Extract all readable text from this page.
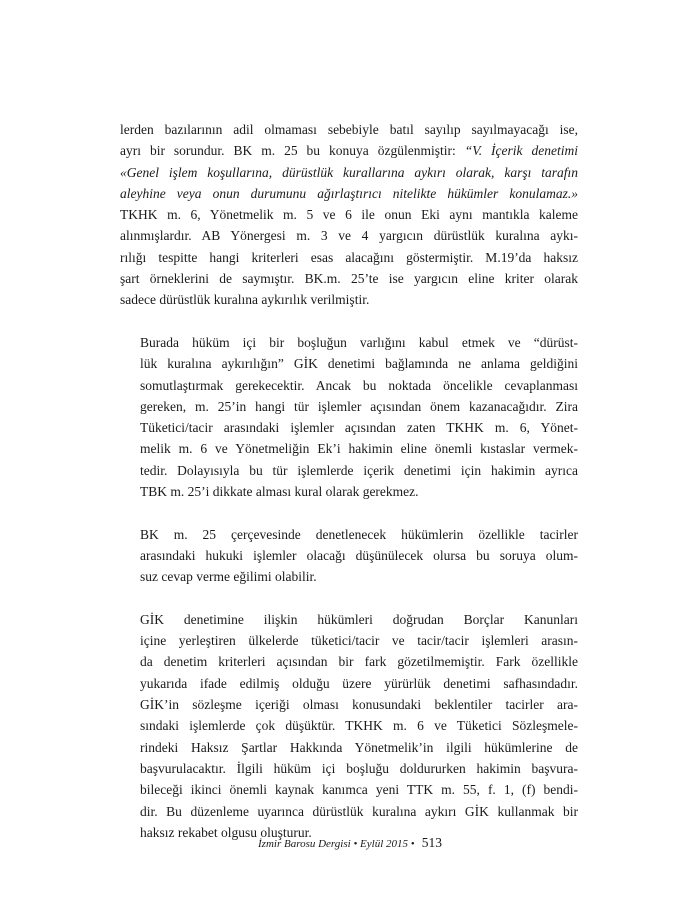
lerden bazılarının adil olmaması sebebiyle batıl sayılıp sayılmayacağı ise,
ayrı bir sorundur. BK m. 25 bu konuya özgülenmiştir: “V. İçerik denetimi
«Genel işlem koşullarına, dürüstlük kurallarına aykırı olarak, karşı tarafın
aleyhine veya onun durumunu ağırlaştırıcı nitelikte hükümler konulamaz.»
TKHK m. 6, Yönetmelik m. 5 ve 6 ile onun Eki aynı mantıkla kaleme
alınmışlardır. AB Yönergesi m. 3 ve 4 yargıcın dürüstlük kuralına aykı-
rılığı tespitte hangi kriterleri esas alacağını göstermiştir. M.19’da haksız
şart örneklerini de saymıştır. BK.m. 25’te ise yargıcın eline kriter olarak
sadece dürüstlük kuralına aykırılık verilmiştir.

Burada hüküm içi bir boşluğun varlığını kabul etmek ve “dürüst-
lük kuralına aykırılığın” GİK denetimi bağlamında ne anlama geldiğini
somutlaştırmak gerekecektir. Ancak bu noktada öncelikle cevaplanması
gereken, m. 25’in hangi tür işlemler açısından önem kazanacağıdır. Zira
Tüketici/tacir arasındaki işlemler açısından zaten TKHK m. 6, Yönet-
melik m. 6 ve Yönetmeliğin Ek’i hakimin eline önemli kıstaslar vermek-
tedir. Dolayısıyla bu tür işlemlerde içerik denetimi için hakimin ayrıca
TBK m. 25’i dikkate alması kural olarak gerekmez.

BK m. 25 çerçevesinde denetlenecek hükümlerin özellikle tacirler
arasındaki hukuki işlemler olacağı düşünülecek olursa bu soruya olum-
suz cevap verme eğilimi olabilir.

GİK denetimine ilişkin hükümleri doğrudan Borçlar Kanunları
içine yerleştiren ülkelerde tüketici/tacir ve tacir/tacir işlemleri arasın-
da denetim kriterleri açısından bir fark gözetilmemiştir. Fark özellikle
yukarıda ifade edilmiş olduğu üzere yürürlük denetimi safhasındadır.
GİK’in sözleşme içeriği olması konusundaki beklentiler tacirler ara-
sındaki işlemlerde çok düşüktür. TKHK m. 6 ve Tüketici Sözleşmele-
rindeki Haksız Şartlar Hakkında Yönetmelik’in ilgili hükümlerine de
başvurulacaktır. İlgili hüküm içi boşluğu doldururken hakimin başvura-
bileceği ikinci önemli kaynak kanımca yeni TTK m. 55, f. 1, (f) bendi-
dir. Bu düzenleme uyarınca dürüstlük kuralına aykırı GİK kullanmak bir
haksız rekabet olgusu oluşturur.

İzmir Barosu Dergisi • Eylül 2015 • 513
